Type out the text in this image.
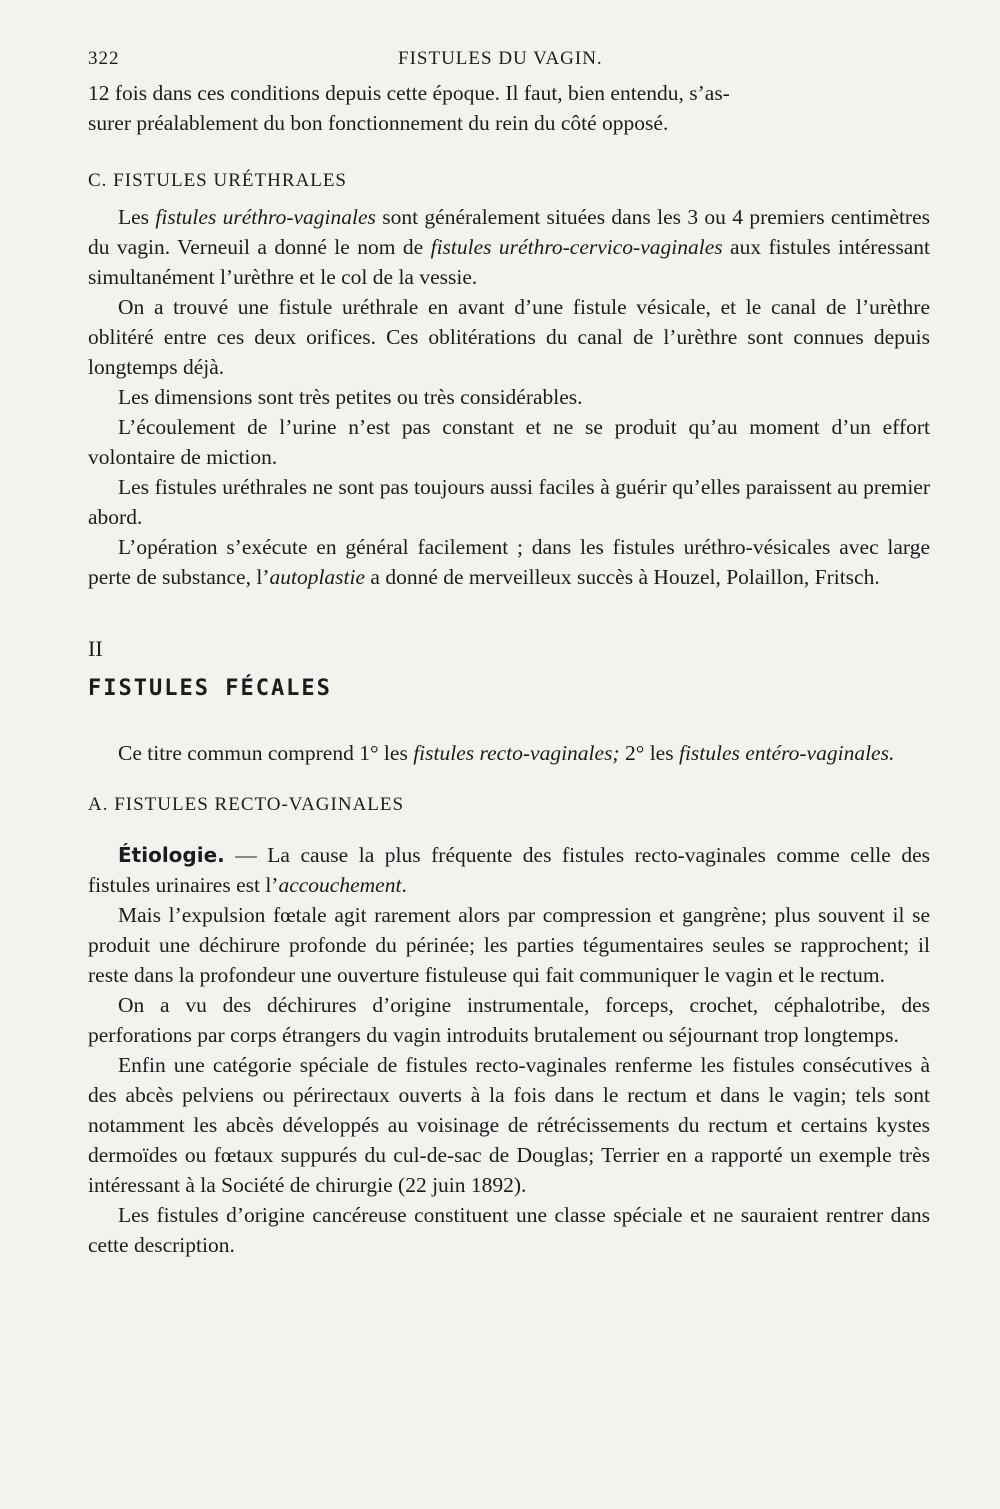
322	FISTULES DU VAGIN.

12 fois dans ces conditions depuis cette époque. Il faut, bien entendu, s’as-
surer préalablement du bon fonctionnement du rein du côté opposé.

C. FISTULES URÉTHRALES

Les fistules uréthro-vaginales sont généralement situées dans les 3 ou 4 premiers centimètres du vagin. Verneuil a donné le nom de fistules uréthro-cervico-vaginales aux fistules intéressant simultanément l’urèthre et le col de la vessie.

On a trouvé une fistule uréthrale en avant d’une fistule vésicale, et le canal de l’urèthre oblitéré entre ces deux orifices. Ces oblitérations du canal de l’urèthre sont connues depuis longtemps déjà.

Les dimensions sont très petites ou très considérables.

L’écoulement de l’urine n’est pas constant et ne se produit qu’au moment d’un effort volontaire de miction.

Les fistules uréthrales ne sont pas toujours aussi faciles à guérir qu’elles paraissent au premier abord.

L’opération s’exécute en général facilement ; dans les fistules uréthro-vésicales avec large perte de substance, l’autoplastie a donné de merveilleux succès à Houzel, Polaillon, Fritsch.

II

FISTULES FÉCALES

Ce titre commun comprend 1° les fistules recto-vaginales; 2° les fistules entéro-vaginales.

A. FISTULES RECTO-VAGINALES

Étiologie. — La cause la plus fréquente des fistules recto-vaginales comme celle des fistules urinaires est l’accouchement.

Mais l’expulsion fœtale agit rarement alors par compression et gangrène; plus souvent il se produit une déchirure profonde du périnée; les parties tégumentaires seules se rapprochent; il reste dans la profondeur une ouverture fistuleuse qui fait communiquer le vagin et le rectum.

On a vu des déchirures d’origine instrumentale, forceps, crochet, céphalotribe, des perforations par corps étrangers du vagin introduits brutalement ou séjournant trop longtemps.

Enfin une catégorie spéciale de fistules recto-vaginales renferme les fistules consécutives à des abcès pelviens ou périrectaux ouverts à la fois dans le rectum et dans le vagin; tels sont notamment les abcès développés au voisinage de rétrécissements du rectum et certains kystes dermoïdes ou fœtaux suppurés du cul-de-sac de Douglas; Terrier en a rapporté un exemple très intéressant à la Société de chirurgie (22 juin 1892).

Les fistules d’origine cancéreuse constituent une classe spéciale et ne sauraient rentrer dans cette description.
